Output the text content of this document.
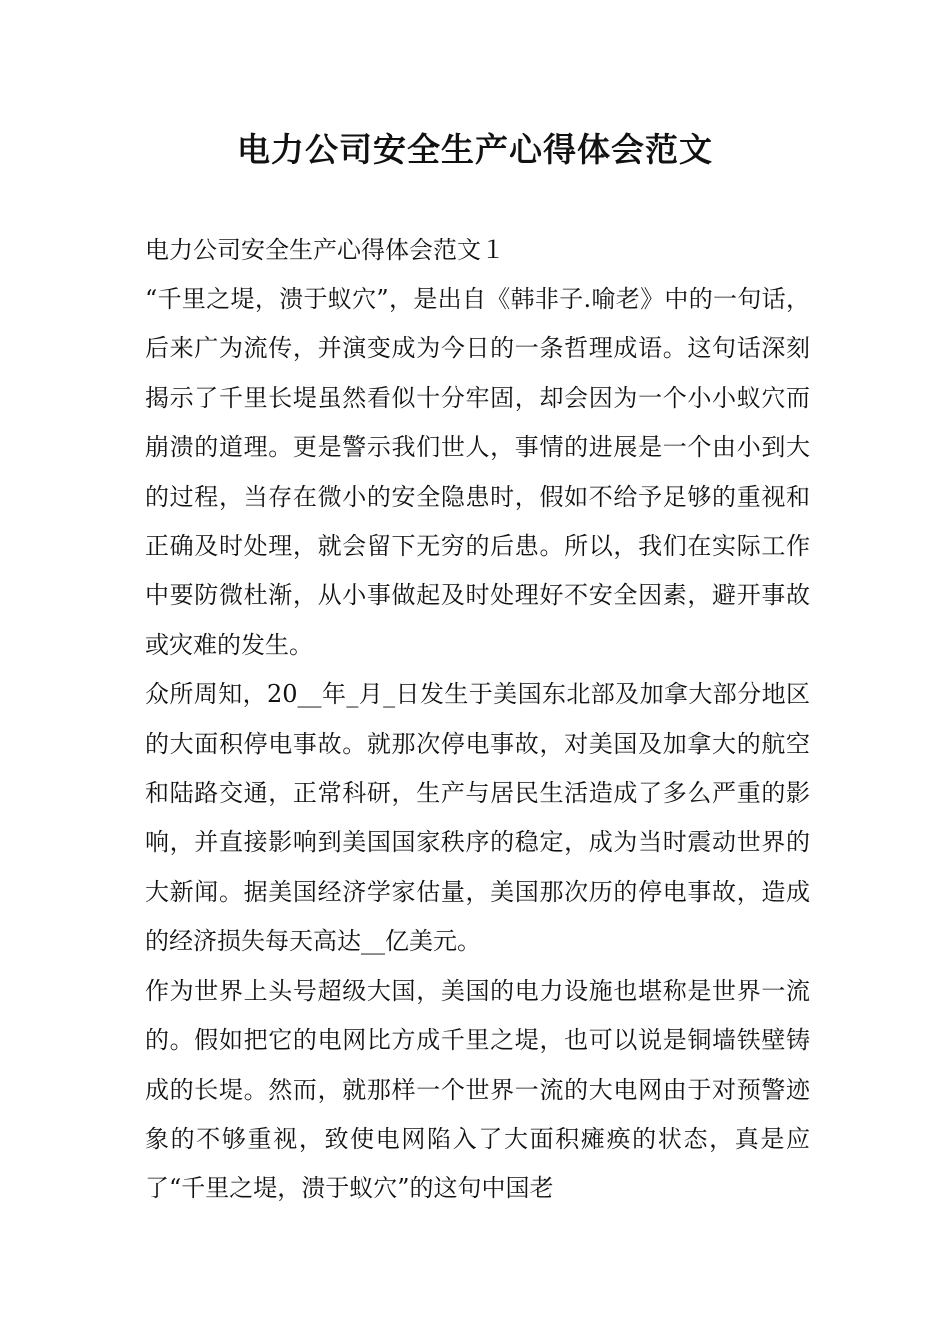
电力公司安全生产心得体会范文

电力公司安全生产心得体会范文１

“千里之堤，溃于蚁穴”，是出自《韩非子.喻老》中的一句话，后来广为流传，并演变成为今日的一条哲理成语。这句话深刻揭示了千里长堤虽然看似十分牢固，却会因为一个小小蚁穴而崩溃的道理。更是警示我们世人，事情的进展是一个由小到大的过程，当存在微小的安全隐患时，假如不给予足够的重视和正确及时处理，就会留下无穷的后患。所以，我们在实际工作中要防微杜渐，从小事做起及时处理好不安全因素，避开事故或灾难的发生。

众所周知，20__年_月_日发生于美国东北部及加拿大部分地区的大面积停电事故。就那次停电事故，对美国及加拿大的航空和陆路交通，正常科研，生产与居民生活造成了多么严重的影响，并直接影响到美国国家秩序的稳定，成为当时震动世界的大新闻。据美国经济学家估量，美国那次历的停电事故，造成的经济损失每天高达__亿美元。

作为世界上头号超级大国，美国的电力设施也堪称是世界一流的。假如把它的电网比方成千里之堤，也可以说是铜墙铁壁铸成的长堤。然而，就那样一个世界一流的大电网由于对预警迹象的不够重视，致使电网陷入了大面积瘫痪的状态，真是应了“千里之堤，溃于蚁穴”的这句中国老
